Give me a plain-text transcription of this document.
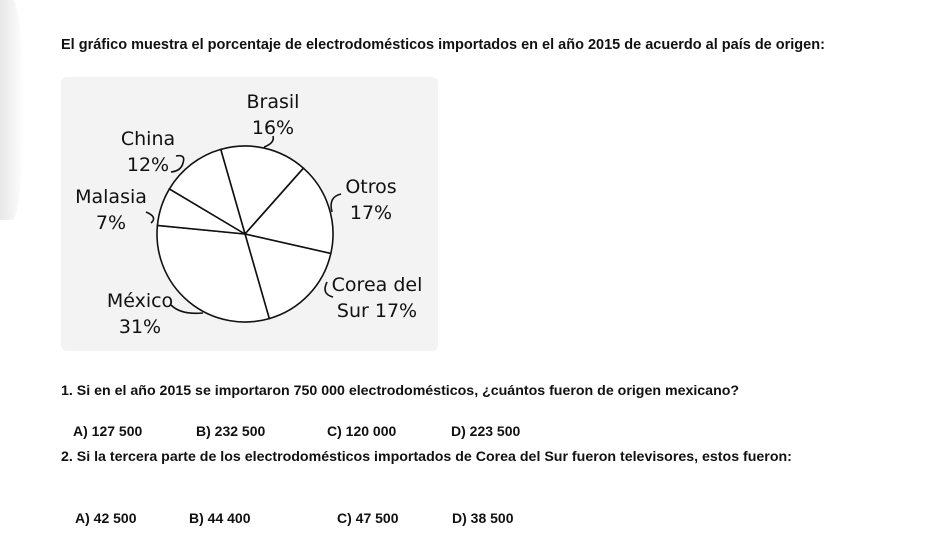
El gráfico muestra el porcentaje de electrodomésticos importados en el año 2015 de acuerdo al país de origen:
Brasil
16%
Otros
17%
Corea del
Sur 17%
México
31%
Malasia
7%
China
12%
1. Si en el año 2015 se importaron 750 000 electrodomésticos, ¿cuántos fueron de origen mexicano?
A) 127 500	B) 232 500	C) 120 000	D) 223 500
2. Si la tercera parte de los electrodomésticos importados de Corea del Sur fueron televisores, estos fueron:
A) 42 500	B) 44 400	C) 47 500	D) 38 500
